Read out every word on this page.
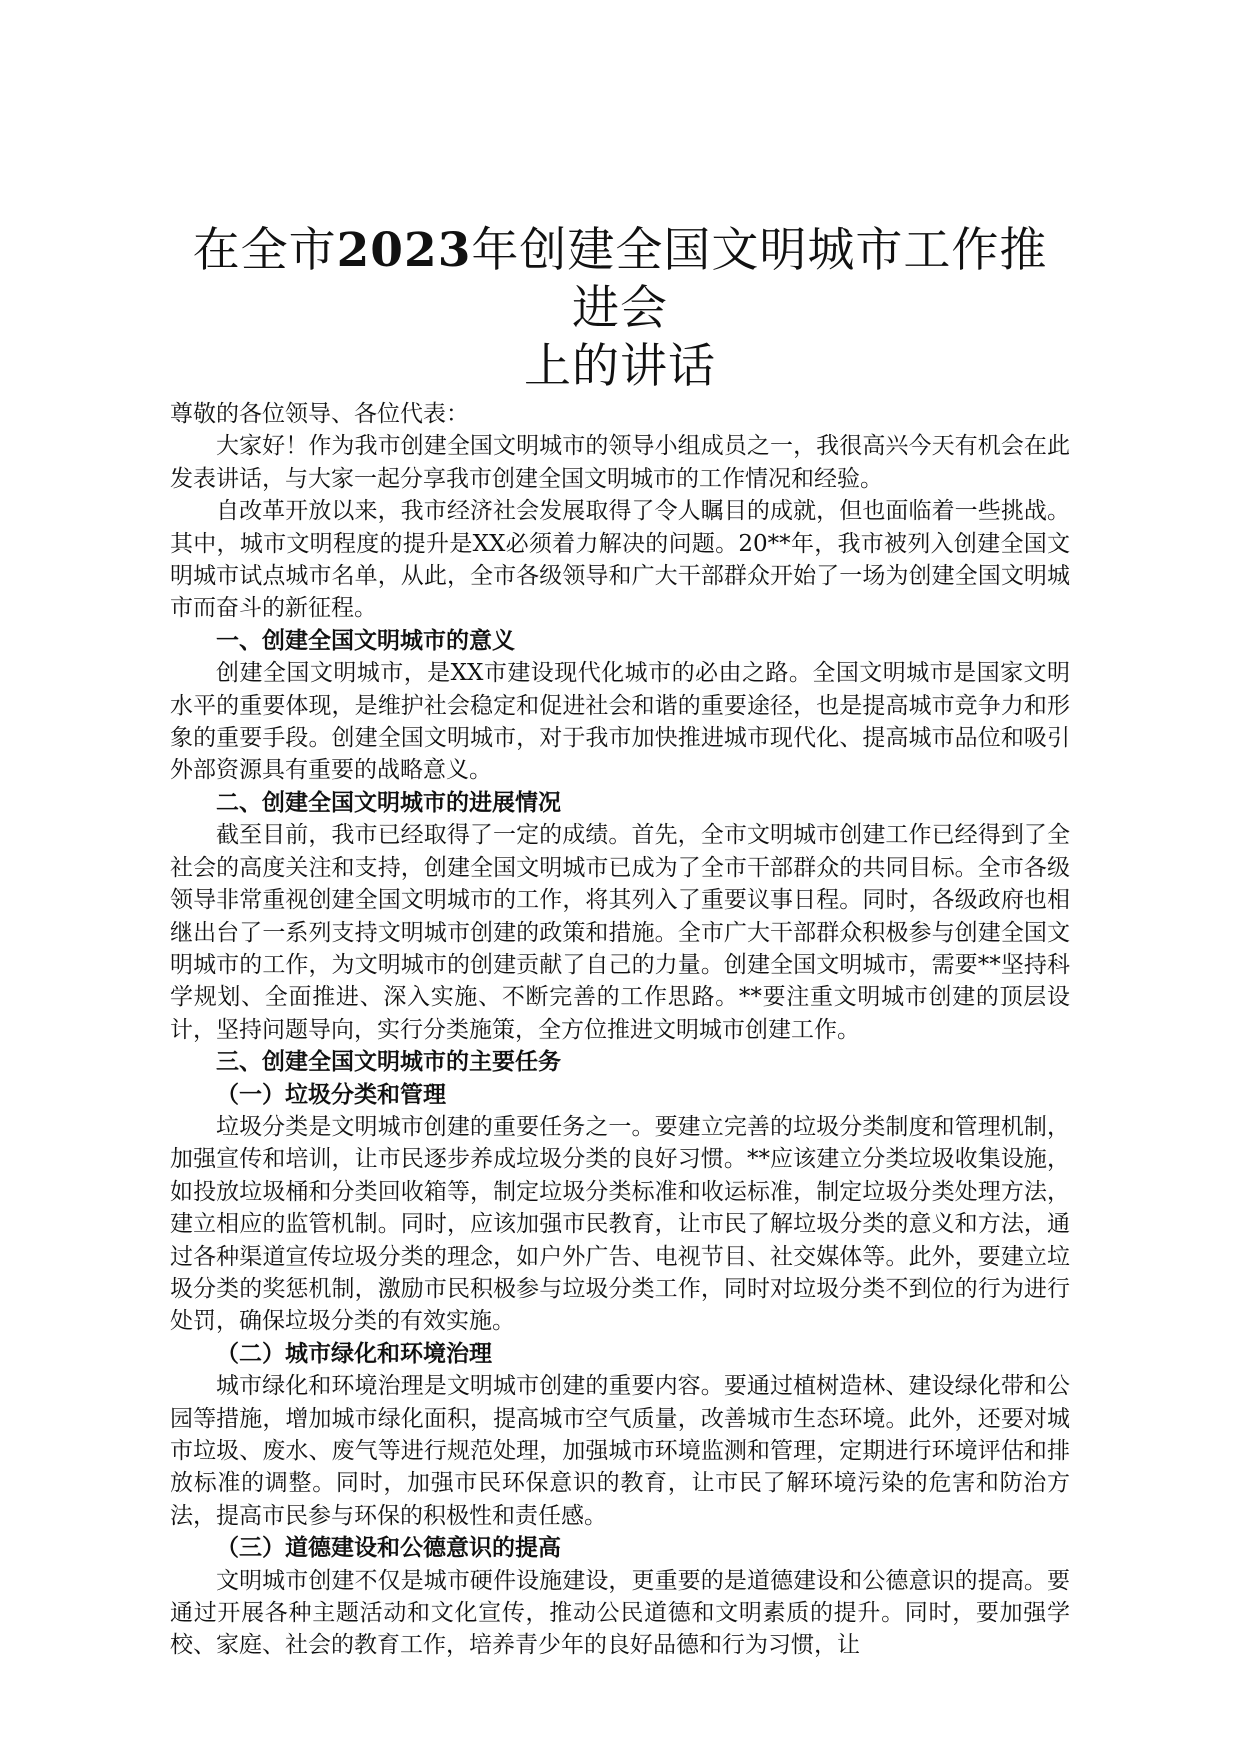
在全市2023年创建全国文明城市工作推进会
上的讲话

尊敬的各位领导、各位代表：

大家好！作为我市创建全国文明城市的领导小组成员之一，我很高兴今天有机会在此发表讲话，与大家一起分享我市创建全国文明城市的工作情况和经验。

自改革开放以来，我市经济社会发展取得了令人瞩目的成就，但也面临着一些挑战。其中，城市文明程度的提升是XX必须着力解决的问题。20**年，我市被列入创建全国文明城市试点城市名单，从此，全市各级领导和广大干部群众开始了一场为创建全国文明城市而奋斗的新征程。

一、创建全国文明城市的意义

创建全国文明城市，是XX市建设现代化城市的必由之路。全国文明城市是国家文明水平的重要体现，是维护社会稳定和促进社会和谐的重要途径，也是提高城市竞争力和形象的重要手段。创建全国文明城市，对于我市加快推进城市现代化、提高城市品位和吸引外部资源具有重要的战略意义。

二、创建全国文明城市的进展情况

截至目前，我市已经取得了一定的成绩。首先，全市文明城市创建工作已经得到了全社会的高度关注和支持，创建全国文明城市已成为了全市干部群众的共同目标。全市各级领导非常重视创建全国文明城市的工作，将其列入了重要议事日程。同时，各级政府也相继出台了一系列支持文明城市创建的政策和措施。全市广大干部群众积极参与创建全国文明城市的工作，为文明城市的创建贡献了自己的力量。创建全国文明城市，需要**坚持科学规划、全面推进、深入实施、不断完善的工作思路。**要注重文明城市创建的顶层设计，坚持问题导向，实行分类施策，全方位推进文明城市创建工作。

三、创建全国文明城市的主要任务
（一）垃圾分类和管理

垃圾分类是文明城市创建的重要任务之一。要建立完善的垃圾分类制度和管理机制，加强宣传和培训，让市民逐步养成垃圾分类的良好习惯。**应该建立分类垃圾收集设施，如投放垃圾桶和分类回收箱等，制定垃圾分类标准和收运标准，制定垃圾分类处理方法，建立相应的监管机制。同时，应该加强市民教育，让市民了解垃圾分类的意义和方法，通过各种渠道宣传垃圾分类的理念，如户外广告、电视节目、社交媒体等。此外，要建立垃圾分类的奖惩机制，激励市民积极参与垃圾分类工作，同时对垃圾分类不到位的行为进行处罚，确保垃圾分类的有效实施。

（二）城市绿化和环境治理

城市绿化和环境治理是文明城市创建的重要内容。要通过植树造林、建设绿化带和公园等措施，增加城市绿化面积，提高城市空气质量，改善城市生态环境。此外，还要对城市垃圾、废水、废气等进行规范处理，加强城市环境监测和管理，定期进行环境评估和排放标准的调整。同时，加强市民环保意识的教育，让市民了解环境污染的危害和防治方法，提高市民参与环保的积极性和责任感。

（三）道德建设和公德意识的提高

文明城市创建不仅是城市硬件设施建设，更重要的是道德建设和公德意识的提高。要通过开展各种主题活动和文化宣传，推动公民道德和文明素质的提升。同时，要加强学校、家庭、社会的教育工作，培养青少年的良好品德和行为习惯，让
